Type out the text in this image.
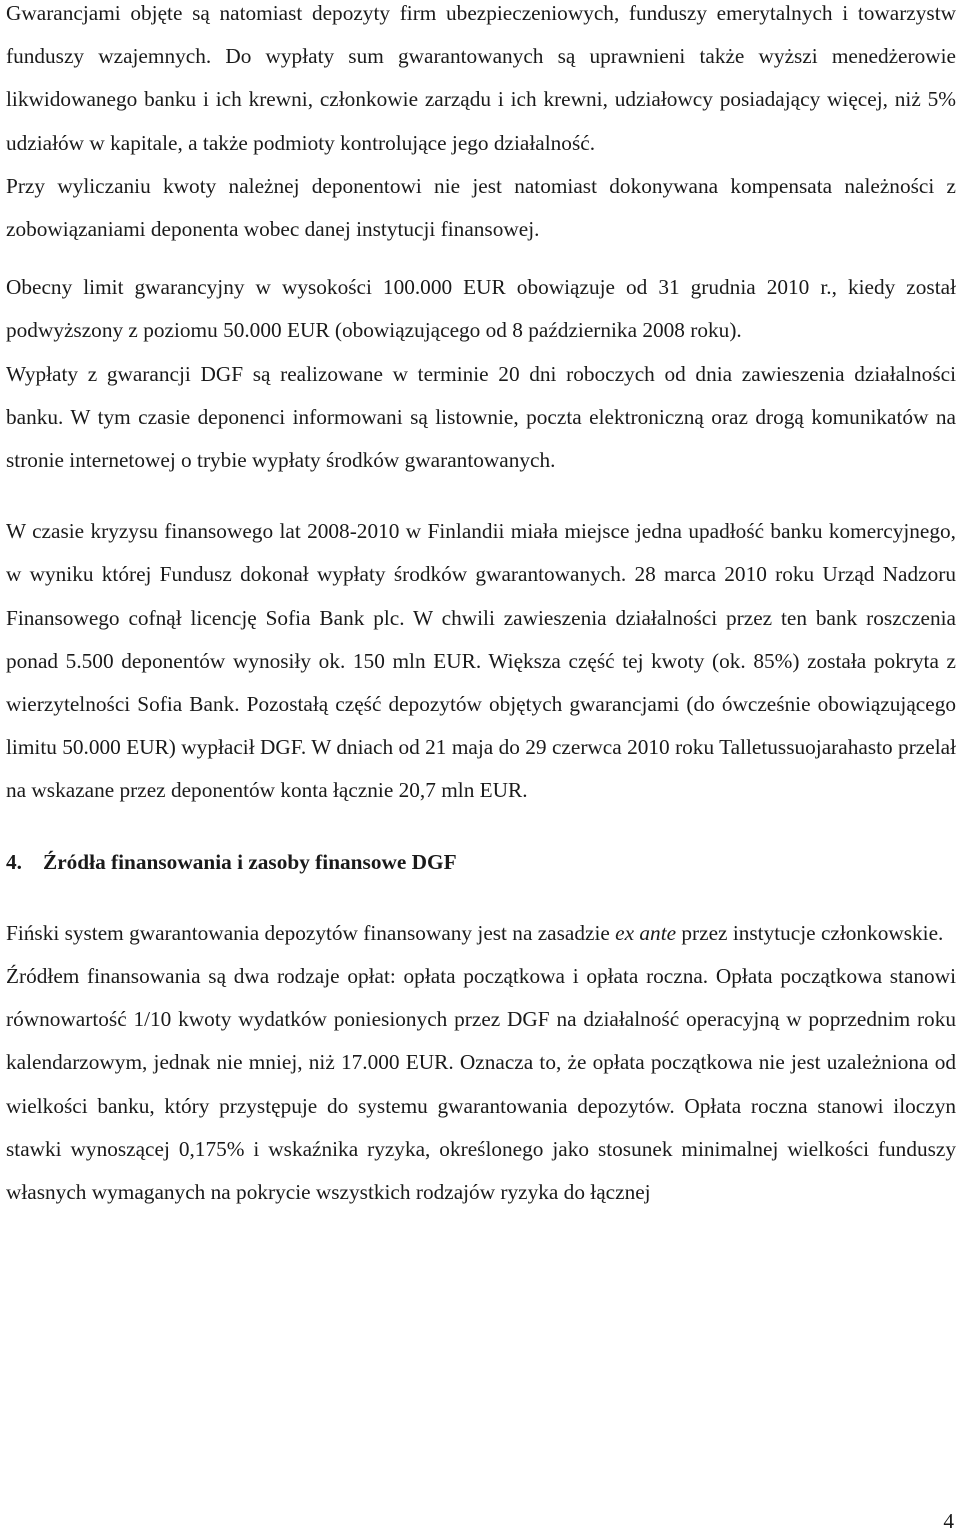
Gwarancjami objęte są natomiast depozyty firm ubezpieczeniowych, funduszy emerytalnych i towarzystw funduszy wzajemnych. Do wypłaty sum gwarantowanych są uprawnieni także wyższi menedżerowie likwidowanego banku i ich krewni, członkowie zarządu i ich krewni, udziałowcy posiadający więcej, niż 5% udziałów w kapitale, a także podmioty kontrolujące jego działalność.

Przy wyliczaniu kwoty należnej deponentowi nie jest natomiast dokonywana kompensata należności z zobowiązaniami deponenta wobec danej instytucji finansowej.

Obecny limit gwarancyjny w wysokości 100.000 EUR obowiązuje od 31 grudnia 2010 r., kiedy został podwyższony z poziomu 50.000 EUR (obowiązującego od 8 października 2008 roku).

Wypłaty z gwarancji DGF są realizowane w terminie 20 dni roboczych od dnia zawieszenia działalności banku. W tym czasie deponenci informowani są listownie, poczta elektroniczną oraz drogą komunikatów na stronie internetowej o trybie wypłaty środków gwarantowanych.

W czasie kryzysu finansowego lat 2008-2010 w Finlandii miała miejsce jedna upadłość banku komercyjnego, w wyniku której Fundusz dokonał wypłaty środków gwarantowanych. 28 marca 2010 roku Urząd Nadzoru Finansowego cofnął licencję Sofia Bank plc. W chwili zawieszenia działalności przez ten bank roszczenia ponad 5.500 deponentów wynosiły ok. 150 mln EUR. Większa część tej kwoty (ok. 85%) została pokryta z wierzytelności Sofia Bank. Pozostałą część depozytów objętych gwarancjami (do ówcześnie obowiązującego limitu 50.000 EUR) wypłacił DGF. W dniach od 21 maja do 29 czerwca 2010 roku Talletussuojarahasto przelał na wskazane przez deponentów konta łącznie 20,7 mln EUR.

4. Źródła finansowania i zasoby finansowe DGF

Fiński system gwarantowania depozytów finansowany jest na zasadzie ex ante przez instytucje członkowskie.

Źródłem finansowania są dwa rodzaje opłat: opłata początkowa i opłata roczna. Opłata początkowa stanowi równowartość 1/10 kwoty wydatków poniesionych przez DGF na działalność operacyjną w poprzednim roku kalendarzowym, jednak nie mniej, niż 17.000 EUR. Oznacza to, że opłata początkowa nie jest uzależniona od wielkości banku, który przystępuje do systemu gwarantowania depozytów. Opłata roczna stanowi iloczyn stawki wynoszącej 0,175% i wskaźnika ryzyka, określonego jako stosunek minimalnej wielkości funduszy własnych wymaganych na pokrycie wszystkich rodzajów ryzyka do łącznej

4
